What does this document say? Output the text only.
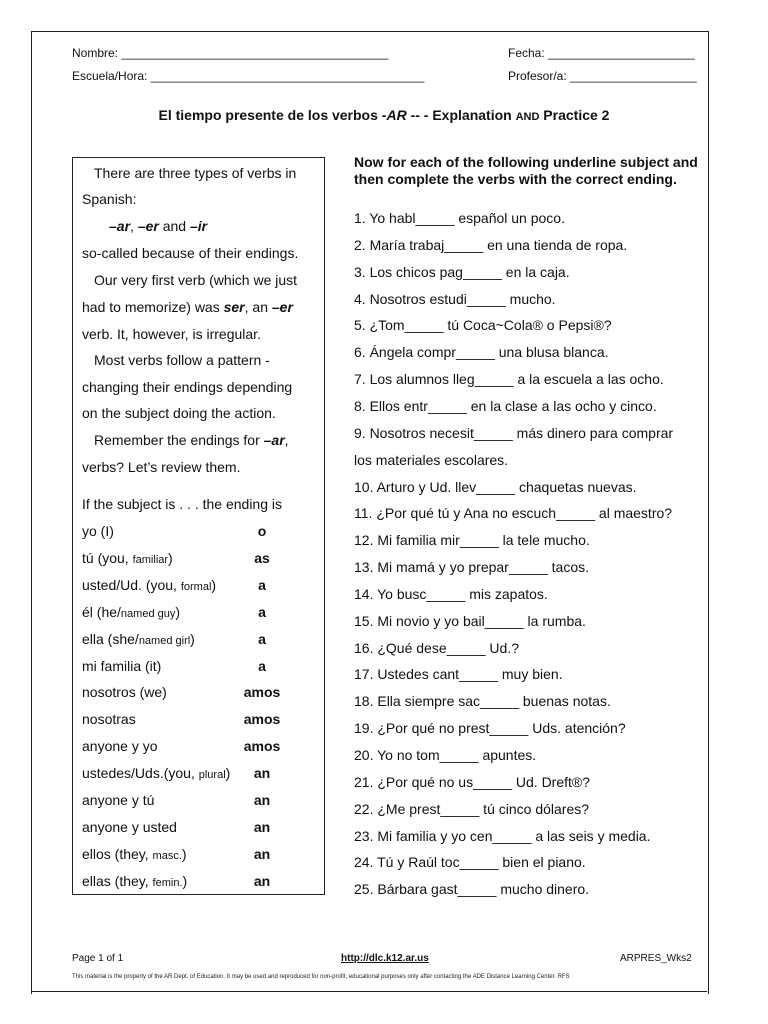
Nombre: ________________________________________	Fecha: ______________________
Escuela/Hora: _________________________________________	Profesor/a: ___________________
El tiempo presente de los verbos -AR -- - Explanation AND Practice 2
There are three types of verbs in
Spanish:
–ar, –er and –ir
so-called because of their endings.
Our very first verb (which we just
had to memorize) was ser, an –er
verb. It, however, is irregular.
Most verbs follow a pattern -
changing their endings depending
on the subject doing the action.
Remember the endings for –ar,
verbs? Let’s review them.
If the subject is . . . the ending is
yo (I)	o
tú (you, familiar)	as
usted/Ud. (you, formal)	a
él (he/named guy)	a
ella (she/named girl)	a
mi familia (it)	a
nosotros (we)	amos
nosotras	amos
anyone y yo	amos
ustedes/Uds.(you, plural)	an
anyone y tú	an
anyone y usted	an
ellos (they, masc.)	an
ellas (they, femin.)	an
Now for each of the following underline subject and then complete the verbs with the correct ending.
1. Yo habl_____ español un poco.
2. María trabaj_____ en una tienda de ropa.
3. Los chicos pag_____ en la caja.
4. Nosotros estudi_____ mucho.
5. ¿Tom_____ tú Coca~Cola® o Pepsi®?
6. Ángela compr_____ una blusa blanca.
7. Los alumnos lleg_____ a la escuela a las ocho.
8. Ellos entr_____ en la clase a las ocho y cinco.
9. Nosotros necesit_____ más dinero para comprar
los materiales escolares.
10. Arturo y Ud. llev_____ chaquetas nuevas.
11. ¿Por qué tú y Ana no escuch_____ al maestro?
12. Mi familia mir_____ la tele mucho.
13. Mi mamá y yo prepar_____ tacos.
14. Yo busc_____ mis zapatos.
15. Mi novio y yo bail_____ la rumba.
16. ¿Qué dese_____ Ud.?
17. Ustedes cant_____ muy bien.
18. Ella siempre sac_____ buenas notas.
19. ¿Por qué no prest_____ Uds. atención?
20. Yo no tom_____ apuntes.
21. ¿Por qué no us_____ Ud. Dreft®?
22. ¿Me prest_____ tú cinco dólares?
23. Mi familia y yo cen_____ a las seis y media.
24. Tú y Raúl toc_____ bien el piano.
25. Bárbara gast_____ mucho dinero.
Page 1 of 1	http://dlc.k12.ar.us	ARPRES_Wks2
This material is the property of the AR Dept. of Education. It may be used and reproduced for non-profit, educational purposes only after contacting the ADE Distance Learning Center. RFS
